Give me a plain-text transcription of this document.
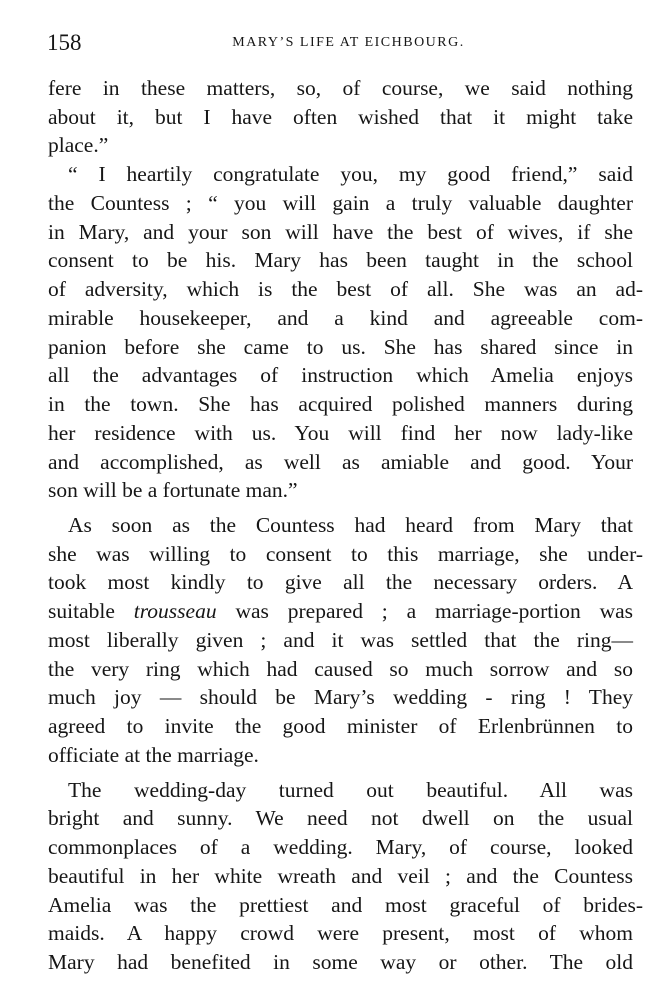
158	MARY’S LIFE AT EICHBOURG.
fere in these matters, so, of course, we said nothing
about it, but I have often wished that it might take
place.”
“ I heartily congratulate you, my good friend,” said
the Countess ; “ you will gain a truly valuable daughter
in Mary, and your son will have the best of wives, if she
consent to be his. Mary has been taught in the school
of adversity, which is the best of all. She was an ad-
mirable housekeeper, and a kind and agreeable com-
panion before she came to us. She has shared since in
all the advantages of instruction which Amelia enjoys
in the town. She has acquired polished manners during
her residence with us. You will find her now lady-like
and accomplished, as well as amiable and good. Your
son will be a fortunate man.”
As soon as the Countess had heard from Mary that
she was willing to consent to this marriage, she under-
took most kindly to give all the necessary orders. A
suitable trousseau was prepared ; a marriage-portion was
most liberally given ; and it was settled that the ring—
the very ring which had caused so much sorrow and so
much joy — should be Mary’s wedding - ring ! They
agreed to invite the good minister of Erlenbrünnen to
officiate at the marriage.
The wedding-day turned out beautiful. All was
bright and sunny. We need not dwell on the usual
commonplaces of a wedding. Mary, of course, looked
beautiful in her white wreath and veil ; and the Countess
Amelia was the prettiest and most graceful of brides-
maids. A happy crowd were present, most of whom
Mary had benefited in some way or other. The old
